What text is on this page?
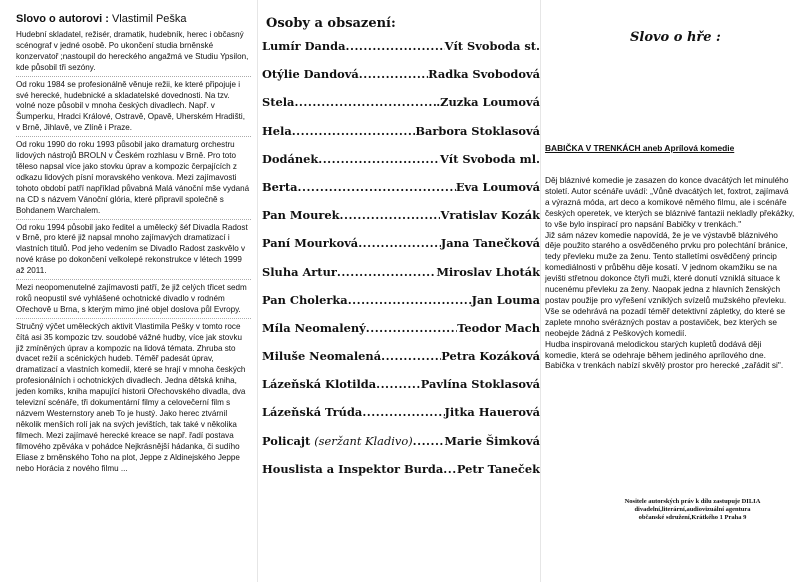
Slovo o autorovi : Vlastimil Peška

Hudební skladatel, režisér, dramatik, hudebník, herec i občasný scénograf v jedné osobě. Po ukončení studia brněnské konzervatoř ;nastoupil do hereckého angažmá ve Studiu Ypsilon, kde působil tři sezóny.

Od roku 1984 se profesionálně věnuje režii, ke které připojuje i své herecké, hudebnické a skladatelské dovednosti. Na tzv. volné noze působil v mnoha českých divadlech. Např. v Šumperku, Hradci Králové, Ostravě, Opavě, Uherském Hradišti, v Brně, Jihlavě, ve Zlíně i Praze.

Od roku 1990 do roku 1993 působil jako dramaturg orchestru lidových nástrojů BROLN v Českém rozhlasu v Brně. Pro toto těleso napsal více jako stovku úprav a kompozic čerpajících z odkazu lidových písní moravského venkova. Mezi zajímavosti tohoto období patří například půvabná Malá vánoční mše vydaná na CD s názvem Vánoční glória, které připravil společně s Bohdanem Warchalem.

Od roku 1994 působil jako ředitel a umělecký šéf Divadla Radost v Brně, pro které již napsal mnoho zajímavých dramatizací i vlastních titulů. Pod jeho vedením se Divadlo Radost zaskvělo v nové kráse po dokončení velkolepé rekonstrukce v létech 1999 až 2011.

Mezi neopomenutelné zajímavosti patří, že již celých třicet sedm roků neopustil své vyhlášené ochotnické divadlo v rodném Ořechově u Brna, s kterým mimo jiné objel doslova půl Evropy.

Stručný výčet uměleckých aktivit Vlastimila Pešky v tomto roce čítá asi 35 kompozic tzv. soudobé vážné hudby, více jak stovku již zmíněných úprav a kompozic na lidová témata. Zhruba sto dvacet režií a scénických hudeb. Téměř padesát úprav, dramatizací a vlastních komedií, které se hrají v mnoha českých profesionálních i ochotnických divadlech. Jedna dětská kniha, jeden komiks, kniha mapující historii Ořechovského divadla, dva televizní scénáře, tři dokumentární filmy a celovečerní film s názvem Westernstory aneb To je hustý. Jako herec ztvárnil několik menších rolí jak na svých jevištích, tak také v několika filmech. Mezi zajímavé herecké kreace se např. řadí postava filmového zpěváka v pohádce Nejkrásnější hádanka, či sudího Eliase z brněnského Toho na plot, Jeppe z Aldinejského Jeppe nebo Horácia z nového filmu ...

Osoby a obsazení:
Lumír Danda .....	Vít Svoboda st.
Otýlie Dandová .....	Radka Svobodová
Stela .....	.Zuzka Loumová
Hela .....	Barbora Stoklasová
Dodánek .....	Vít Svoboda ml.
Berta .....	Eva Loumová
Pan Mourek .....	Vratislav Kozák
Paní Mourková .....	Jana Tanečková
Sluha Artur .....	Miroslav Lhoták
Pan Cholerka .....	Jan Louma
Míla Neomalený .....	Teodor Mach
Miluše Neomalená .....	Petra Kozáková
Lázeňská Klotilda .....	Pavlína Stoklasová
Lázeňská Trúda .....	Jitka Hauerová
Policajt (seržant Kladivo) .....	Marie Šimková
Houslista a Inspektor Burda ..... Petr Taneček
Slovo o hře :
BABIČKA V TRENKÁCH aneb Aprílová komedie

Děj bláznivé komedie je zasazen do konce dvacátých let minulého století. Autor scénáře uvádí: „Vůně dvacátých let, foxtrot, zajímavá a výrazná móda, art deco a komikové němého filmu, ale i scénáře českých operetek, ve kterých se bláznivé fantazii nekladly překážky, to vše bylo inspirací pro napsání Babičky v trenkách."

Již sám název komedie napovídá, že je ve výstavbě bláznivého děje použito starého a osvědčeného prvku pro polechtání bránice, tedy převleku muže za ženu. Tento stalletími osvědčený princip komediálnosti v průběhu děje kosatí. V jednom okamžiku se na jevišti střetnou dokonce čtyři muži, které donutí vzniklá situace k nucenému převleku za ženy. Naopak jedna z hlavních ženských postav použije pro vyřešení vzniklých svízelů mužského převleku. Vše se odehrává na pozadí téměř detektivní zápletky, do které se zaplete mnoho svérázných postav a postaviček, bez kterých se neobejde žádná z Peškových komedií.

Hudba inspirovaná melodickou starých kupletů dodává ději komedie, která se odehraje během jediného aprílového dne. Babička v trenkách nabízí skvělý prostor pro herecké „zařádit si".

Nositele autorských práv k dílu zastupuje DILIA
divadelní,literární,audiovizuální agentura
občanské sdružení,Krátkého 1 Praha 9
